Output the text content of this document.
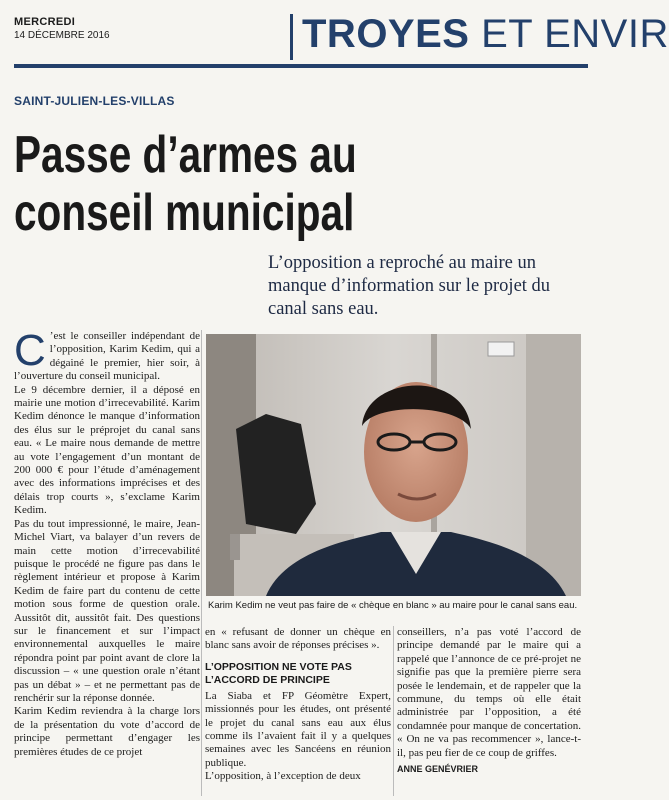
MERCREDI
14 DÉCEMBRE 2016	TROYES ET ENVIR
SAINT-JULIEN-LES-VILLAS
Passe d’armes au
conseil municipal
L’opposition a reproché au maire un manque d’information sur le projet du canal sans eau.

C ’est le conseiller indépendant de l’opposition, Karim Kedim, qui a dégainé le premier, hier soir, à l’ouverture du conseil municipal.

Le 9 décembre dernier, il a déposé en mairie une motion d’irrecevabilité. Karim Kedim dénonce le manque d’information des élus sur le préprojet du canal sans eau. « Le maire nous demande de mettre au vote l’engagement d’un montant de 200 000 € pour l’étude d’aménagement avec des informations imprécises et des délais trop courts », s’exclame Karim Kedim.

Pas du tout impressionné, le maire, Jean-Michel Viart, va balayer d’un revers de main cette motion d’irrecevabilité puisque le procédé ne figure pas dans le règlement intérieur et propose à Karim Kedim de faire part du contenu de cette motion sous forme de question orale. Aussitôt dit, aussitôt fait. Des questions sur le financement et sur l’impact environnemental auxquelles le maire répondra point par point avant de clore la discussion – « une question orale n’étant pas un débat » – et ne permettant pas de renchérir sur la réponse donnée.

Karim Kedim reviendra à la charge lors de la présentation du vote d’accord de principe permettant d’engager les premières études de ce projet

Karim Kedim ne veut pas faire de « chèque en blanc » au maire pour le canal sans eau.

en « refusant de donner un chèque en blanc sans avoir de réponses précises ».

L’OPPOSITION NE VOTE PAS L’ACCORD DE PRINCIPE

La Siaba et FP Géomètre Expert, missionnés pour les études, ont présenté le projet du canal sans eau aux élus comme ils l’avaient fait il y a quelques semaines avec les Sancéens en réunion publique.

L’opposition, à l’exception de deux

conseillers, n’a pas voté l’accord de principe demandé par le maire qui a rappelé que l’annonce de ce pré-projet ne signifie pas que la première pierre sera posée le lendemain, et de rappeler que la commune, du temps où elle était administrée par l’opposition, a été condamnée pour manque de concertation. « On ne va pas recommencer », lance-t-il, pas peu fier de ce coup de griffes.

ANNE GENÉVRIER
